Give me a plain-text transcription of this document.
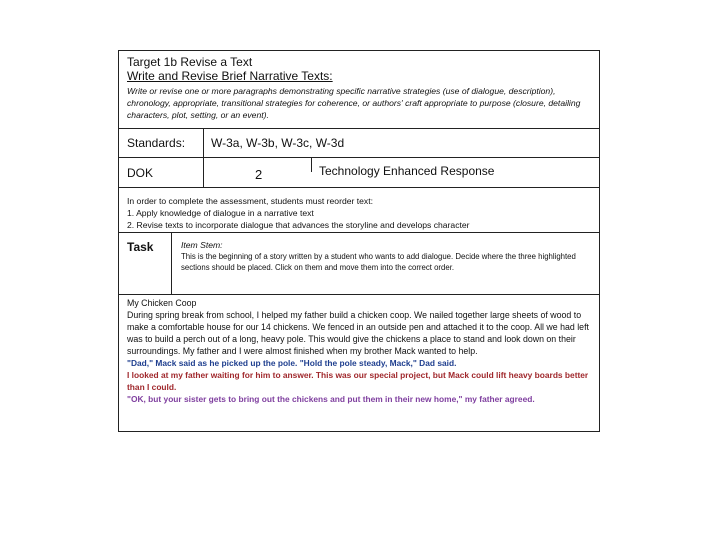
Target 1b Revise a Text
Write and Revise Brief Narrative Texts:
Write or revise one or more paragraphs demonstrating specific narrative strategies (use of dialogue, description), chronology, appropriate, transitional strategies for coherence, or authors' craft appropriate to purpose (closure, detailing characters, plot, setting, or an event).
Standards: W-3a, W-3b, W-3c, W-3d
DOK	2	Technology Enhanced Response
In order to complete the assessment, students must reorder text:
1. Apply knowledge of dialogue in a narrative text
2. Revise texts to incorporate dialogue that advances the storyline and develops character
Task	Item Stem:
This is the beginning of a story written by a student who wants to add dialogue. Decide where the three highlighted sections should be placed. Click on them and move them into the correct order.
My Chicken Coop
During spring break from school, I helped my father build a chicken coop. We nailed together large sheets of wood to make a comfortable house for our 14 chickens. We fenced in an outside pen and attached it to the coop. All we had left was to build a perch out of a long, heavy pole. This would give the chickens a place to stand and look down on their surroundings. My father and I were almost finished when my brother Mack wanted to help.
"Dad," Mack said as he picked up the pole. "Hold the pole steady, Mack," Dad said.
I looked at my father waiting for him to answer. This was our special project, but Mack could lift heavy boards better than I could.
"OK, but your sister gets to bring out the chickens and put them in their new home," my father agreed.
